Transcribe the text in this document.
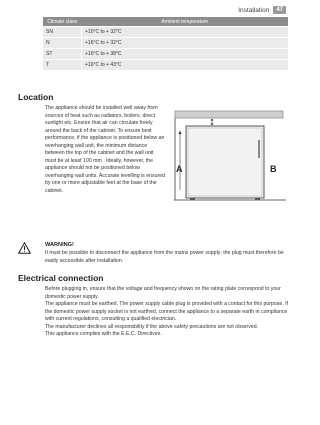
Installation	47
Climate class	Ambient temperature
SN	+10°C to + 32°C
N	+16°C to + 32°C
ST	+16°C to + 38°C
T	+16°C to + 43°C
Location

The appliance should be installed well away from sources of heat such as radiators, boilers, direct sunlight etc. Ensure that air can circulate freely around the back of the cabinet. To ensure best performance, if the appliance is positioned below an overhanging wall unit, the minimum distance between the top of the cabinet and the wall unit must be at least 100 mm . Ideally, however, the appliance should not be positioned below overhanging wall units. Accurate levelling is ensured by one or more adjustable feet at the base of the cabinet.

A	B
WARNING!

It must be possible to disconnect the appliance from the mains power supply; the plug must therefore be easily accessible after installation.

Electrical connection

Before plugging in, ensure that the voltage and frequency shown on the rating plate correspond to your domestic power supply.

The appliance must be earthed. The power supply cable plug is provided with a contact for this purpose. If the domestic power supply socket is not earthed, connect the appliance to a separate earth in compliance with current regulations, consulting a qualified electrician.

The manufacturer declines all responsibility if the above safety precautions are not observed.

This appliance complies with the E.E.C. Directives.
